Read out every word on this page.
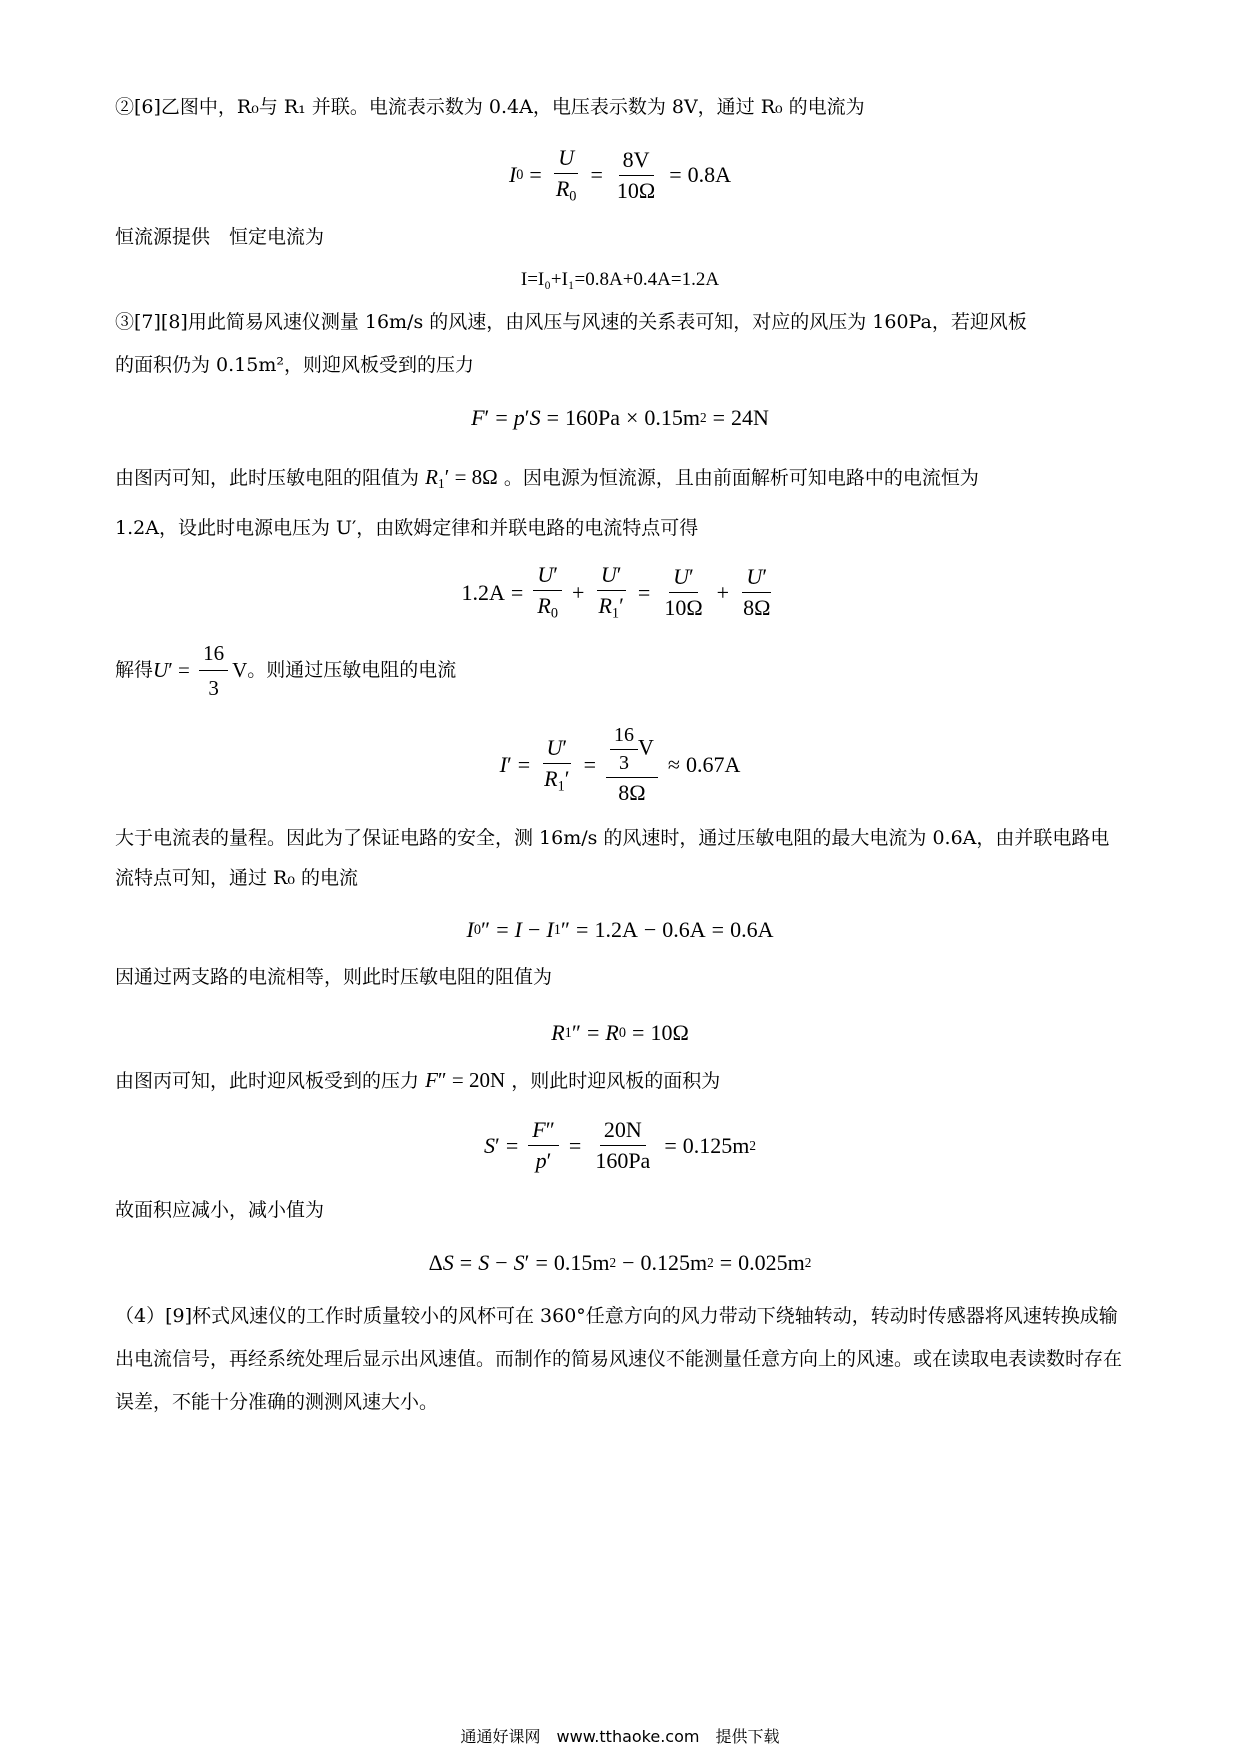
②[6]乙图中，R₀与 R₁ 并联。电流表示数为 0.4A，电压表示数为 8V，通过 R₀ 的电流为
I $0 = \frac{U}{R_0} = \frac{8V}{10\Omega} = 0.8A$
恒流源提供　恒定电流为
I=I₀+I₁=0.8A+0.4A=1.2A
③[7][8]用此简易风速仪测量 16m/s 的风速，由风压与风速的关系表可知，对应的风压为 160Pa，若迎风板
的面积仍为 0.15m²，则迎风板受到的压力
F ′ = p ′ S = 160Pa × 0.15m 2 = 24N
由图丙可知，此时压敏电阻的阻值为 $R_1' = 8\Omega$ 。因电源为恒流源，且由前面解析可知电路中的电流恒为
1.2A，设此时电源电压为 U′，由欧姆定律和并联电路的电流特点可得
$1.2A = \frac{U'}{R_0} + \frac{U'}{R_1'} = \frac{U'}{10\Omega} + \frac{U'}{8\Omega}$
解得 U ′ = $\frac{16}{3}$ V 。则通过压敏电阻的电流
I ′ = $\frac{U'}{R_1'} = \frac{\frac{16}{3} V}{8\Omega} \approx 0.67A$
大于电流表的量程。因此为了保证电路的安全，测 16m/s 的风速时，通过压敏电阻的最大电流为 0.6A，由并联电路电流特点可知，通过 R₀ 的电流
I 0 ″ = I − I 1 ″ = 1.2A − 0.6A = 0.6A
因通过两支路的电流相等，则此时压敏电阻的阻值为
R 1 ″ = R 0 = 10Ω
由图丙可知，此时迎风板受到的压力 F″ = 20N ，则此时迎风板的面积为
S ′ = $\frac{F''}{p'} = \frac{20N}{160Pa} = 0.125m$ 2
故面积应减小，减小值为
Δ S = S − S ′ = 0.15m 2 − 0.125m 2 = 0.025m 2
（4）[9]杯式风速仪的工作时质量较小的风杯可在 360°任意方向的风力带动下绕轴转动，转动时传感器将风速转换成输出电流信号，再经系统处理后显示出风速值。而制作的简易风速仪不能测量任意方向上的风速。或在读取电表读数时存在误差，不能十分准确的测测风速大小。
通通好课网　www.tthaoke.com　提供下载
